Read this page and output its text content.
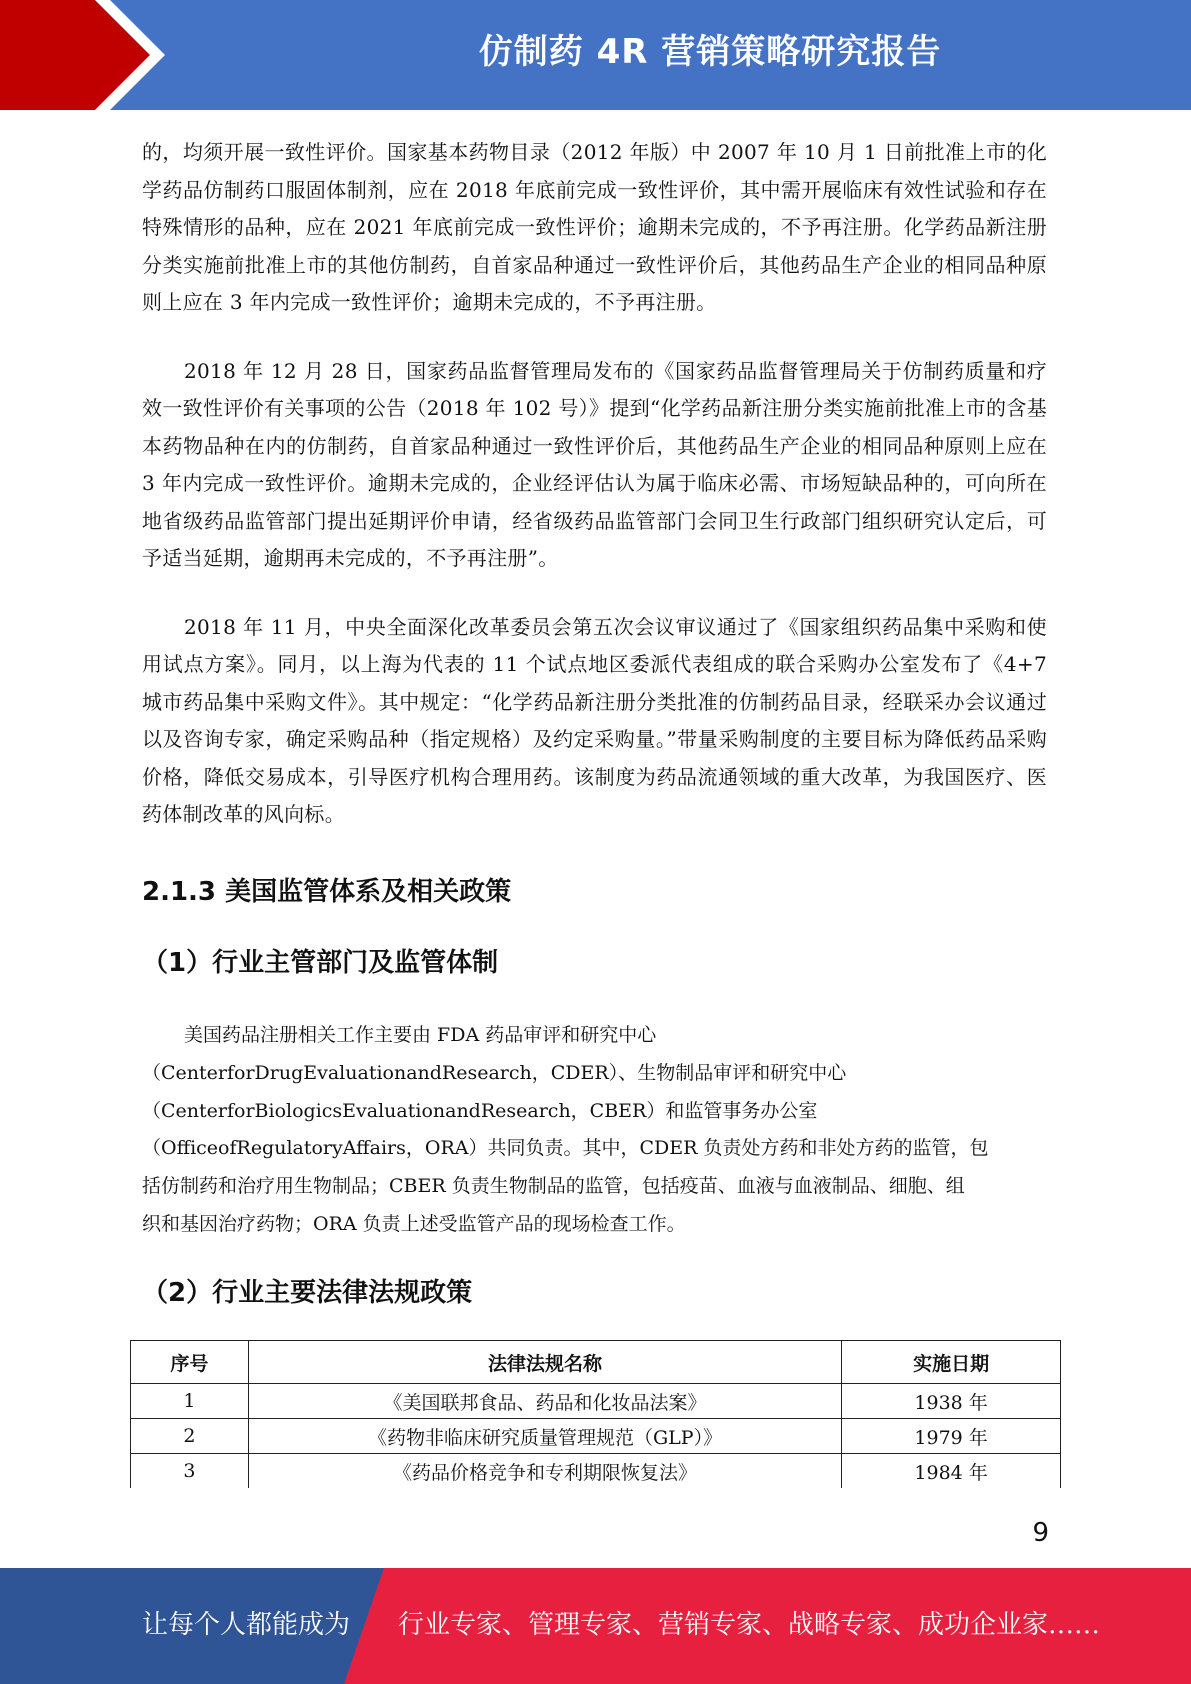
仿制药 4R 营销策略研究报告

的，均须开展一致性评价。国家基本药物目录（2012 年版）中 2007 年 10 月 1 日前批准上市的化学药品仿制药口服固体制剂，应在 2018 年底前完成一致性评价，其中需开展临床有效性试验和存在特殊情形的品种，应在 2021 年底前完成一致性评价；逾期未完成的，不予再注册。化学药品新注册分类实施前批准上市的其他仿制药，自首家品种通过一致性评价后，其他药品生产企业的相同品种原则上应在 3 年内完成一致性评价；逾期未完成的，不予再注册。

2018 年 12 月 28 日，国家药品监督管理局发布的《国家药品监督管理局关于仿制药质量和疗效一致性评价有关事项的公告（2018 年 102 号）》提到“化学药品新注册分类实施前批准上市的含基本药物品种在内的仿制药，自首家品种通过一致性评价后，其他药品生产企业的相同品种原则上应在 3 年内完成一致性评价。逾期未完成的，企业经评估认为属于临床必需、市场短缺品种的，可向所在地省级药品监管部门提出延期评价申请，经省级药品监管部门会同卫生行政部门组织研究认定后，可予适当延期，逾期再未完成的，不予再注册”。

2018 年 11 月，中央全面深化改革委员会第五次会议审议通过了《国家组织药品集中采购和使用试点方案》。同月，以上海为代表的 11 个试点地区委派代表组成的联合采购办公室发布了《4+7 城市药品集中采购文件》。其中规定：“化学药品新注册分类批准的仿制药品目录，经联采办会议通过以及咨询专家，确定采购品种（指定规格）及约定采购量。”带量采购制度的主要目标为降低药品采购价格，降低交易成本，引导医疗机构合理用药。该制度为药品流通领域的重大改革，为我国医疗、医药体制改革的风向标。

2.1.3 美国监管体系及相关政策
（1）行业主管部门及监管体制
美国药品注册相关工作主要由 FDA 药品审评和研究中心
（CenterforDrugEvaluationandResearch，CDER）、生物制品审评和研究中心
（CenterforBiologicsEvaluationandResearch，CBER）和监管事务办公室
（OfficeofRegulatoryAffairs，ORA）共同负责。其中，CDER 负责处方药和非处方药的监管，包
括仿制药和治疗用生物制品；CBER 负责生物制品的监管，包括疫苗、血液与血液制品、细胞、组
织和基因治疗药物；ORA 负责上述受监管产品的现场检查工作。
（2）行业主要法律法规政策
序号	法律法规名称	实施日期
1	《美国联邦食品、药品和化妆品法案》	1938 年
2	《药物非临床研究质量管理规范（GLP）》	1979 年
3	《药品价格竞争和专利期限恢复法》	1984 年
9
让每个人都能成为 行业专家、管理专家、营销专家、战略专家、成功企业家……
